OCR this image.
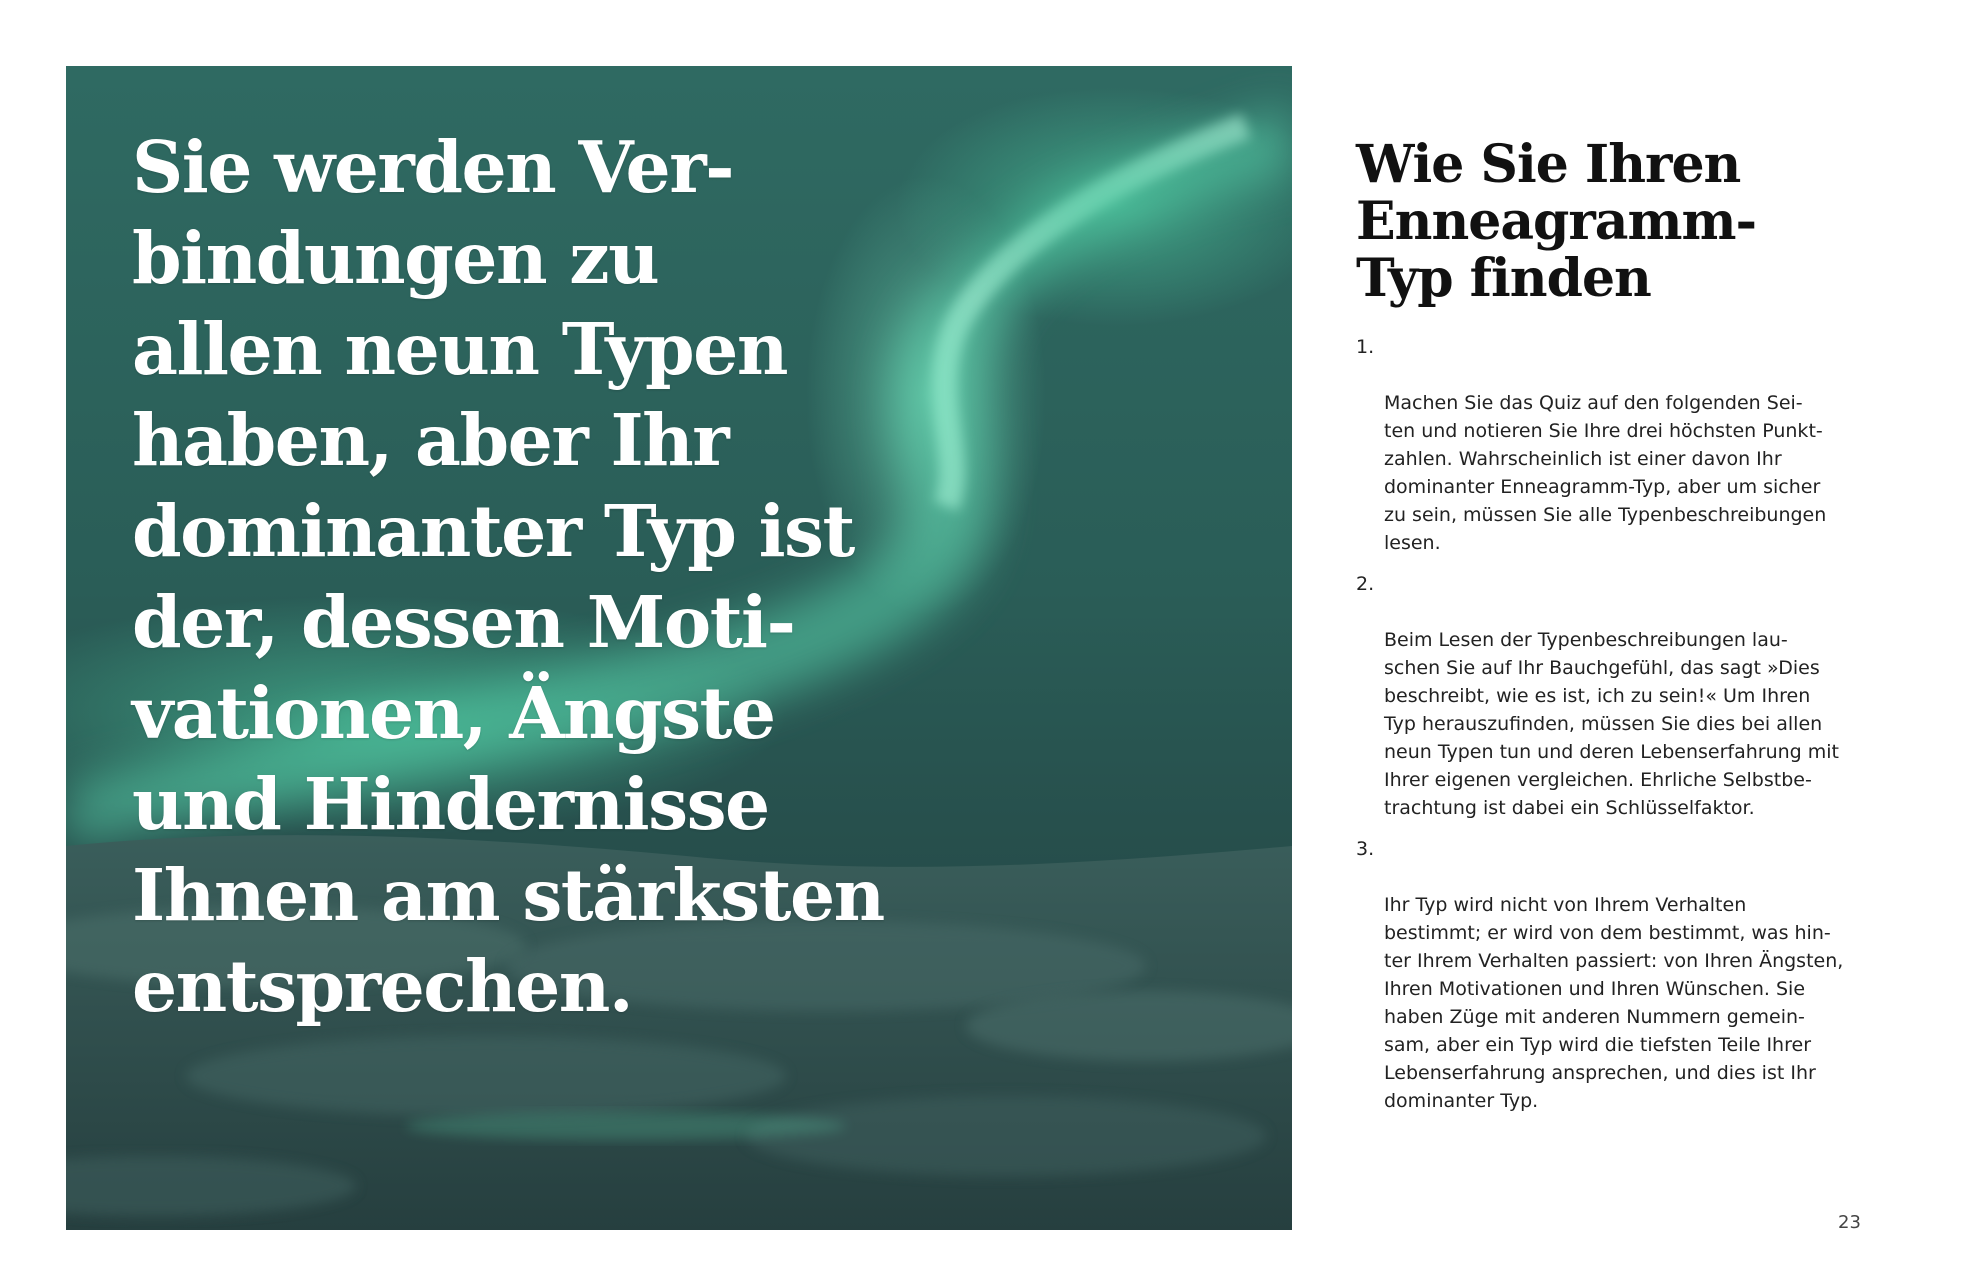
Sie werden Ver-
bindungen zu
allen neun Typen
haben, aber Ihr
dominanter Typ ist
der, dessen Moti-
vationen, Ängste
und Hindernisse
Ihnen am stärksten
entsprechen.

Wie Sie Ihren
Enneagramm-
Typ finden

1.

Machen Sie das Quiz auf den folgenden Sei-
ten und notieren Sie Ihre drei höchsten Punkt-
zahlen. Wahrscheinlich ist einer davon Ihr
dominanter Enneagramm-Typ, aber um sicher
zu sein, müssen Sie alle Typenbeschreibungen
lesen.

2.

Beim Lesen der Typenbeschreibungen lau-
schen Sie auf Ihr Bauchgefühl, das sagt »Dies
beschreibt, wie es ist, ich zu sein!« Um Ihren
Typ herauszufinden, müssen Sie dies bei allen
neun Typen tun und deren Lebenserfahrung mit
Ihrer eigenen vergleichen. Ehrliche Selbstbe-
trachtung ist dabei ein Schlüsselfaktor.

3.

Ihr Typ wird nicht von Ihrem Verhalten
bestimmt; er wird von dem bestimmt, was hin-
ter Ihrem Verhalten passiert: von Ihren Ängsten,
Ihren Motivationen und Ihren Wünschen. Sie
haben Züge mit anderen Nummern gemein-
sam, aber ein Typ wird die tiefsten Teile Ihrer
Lebenserfahrung ansprechen, und dies ist Ihr
dominanter Typ.

23
